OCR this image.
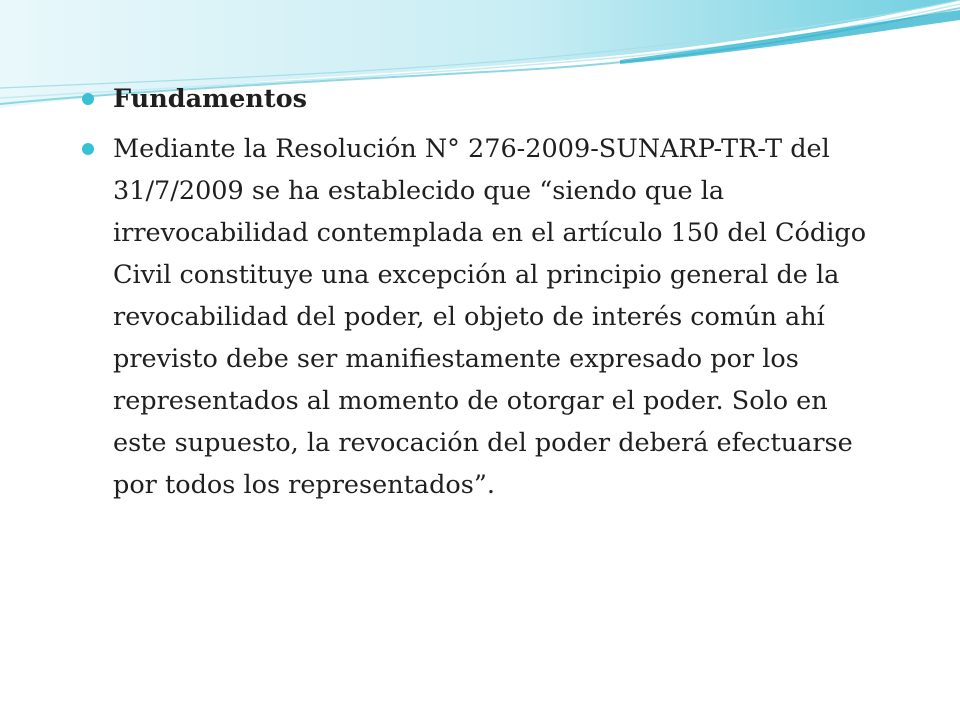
Fundamentos
Mediante la Resolución N° 276-2009-SUNARP-TR-T del 31/7/2009 se ha establecido que “siendo que la irrevocabilidad contemplada en el artículo 150 del Código Civil constituye una excepción al principio general de la revocabilidad del poder, el objeto de interés común ahí previsto debe ser manifiestamente expresado por los representados al momento de otorgar el poder. Solo en este supuesto, la revocación del poder deberá efectuarse por todos los representados”.
